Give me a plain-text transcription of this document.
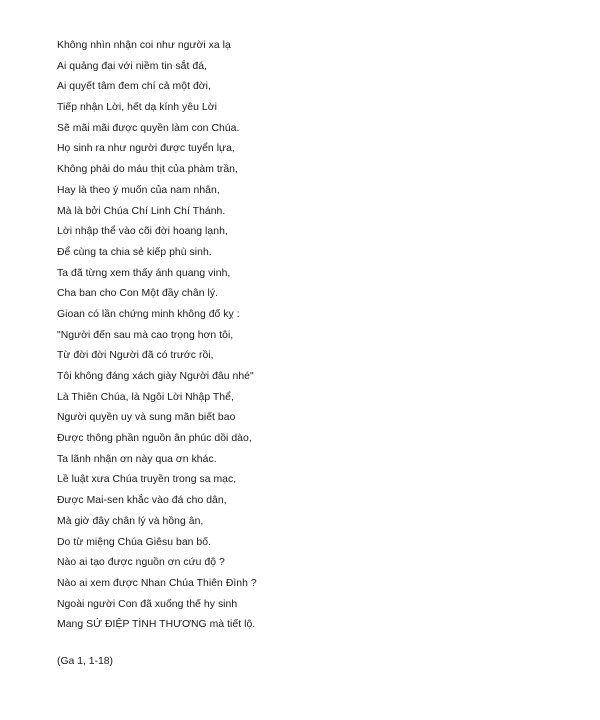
Không nhìn nhận coi như người xa lạ
Ai quảng đại với niềm tin sắt đá,
Ai quyết tâm đem chí cả một đời,
Tiếp nhận Lời, hết dạ kính yêu Lời
Sẽ mãi mãi được quyền làm con Chúa.
Họ sinh ra như người được tuyển lựa,
Không phải do máu thịt của phàm trần,
Hay là theo ý muốn của nam nhân,
Mà là bởi Chúa Chí Linh Chí Thánh.
Lời nhập thể vào cõi đời hoang lạnh,
Để cùng ta chia sẻ kiếp phù sinh.
Ta đã từng xem thấy ánh quang vinh,
Cha ban cho Con Một đầy chân lý.
Gioan có lần chứng minh không đố kỵ :
"Người đến sau mà cao trọng hơn tôi,
Từ đời đời Người đã có trước rồi,
Tôi không đáng xách giày Người đâu nhé"
Là Thiên Chúa, là Ngôi Lời Nhập Thể,
Người quyền uy và sung mãn biết bao
Được thông phần nguồn ân phúc dồi dào,
Ta lãnh nhận ơn này qua ơn khác.
Lề luật xưa Chúa truyền trong sa mạc,
Được Mai-sen khắc vào đá cho dân,
Mà giờ đây chân lý và hồng ân,
Do từ miệng Chúa Giêsu ban bố.
Nào ai tạo được nguồn ơn cứu độ ?
Nào ai xem được Nhan Chúa Thiên Đình ?
Ngoài người Con đã xuống thế hy sinh
Mang SỨ ĐIỆP TÌNH THƯƠNG mà tiết lộ.
(Ga 1, 1-18)
